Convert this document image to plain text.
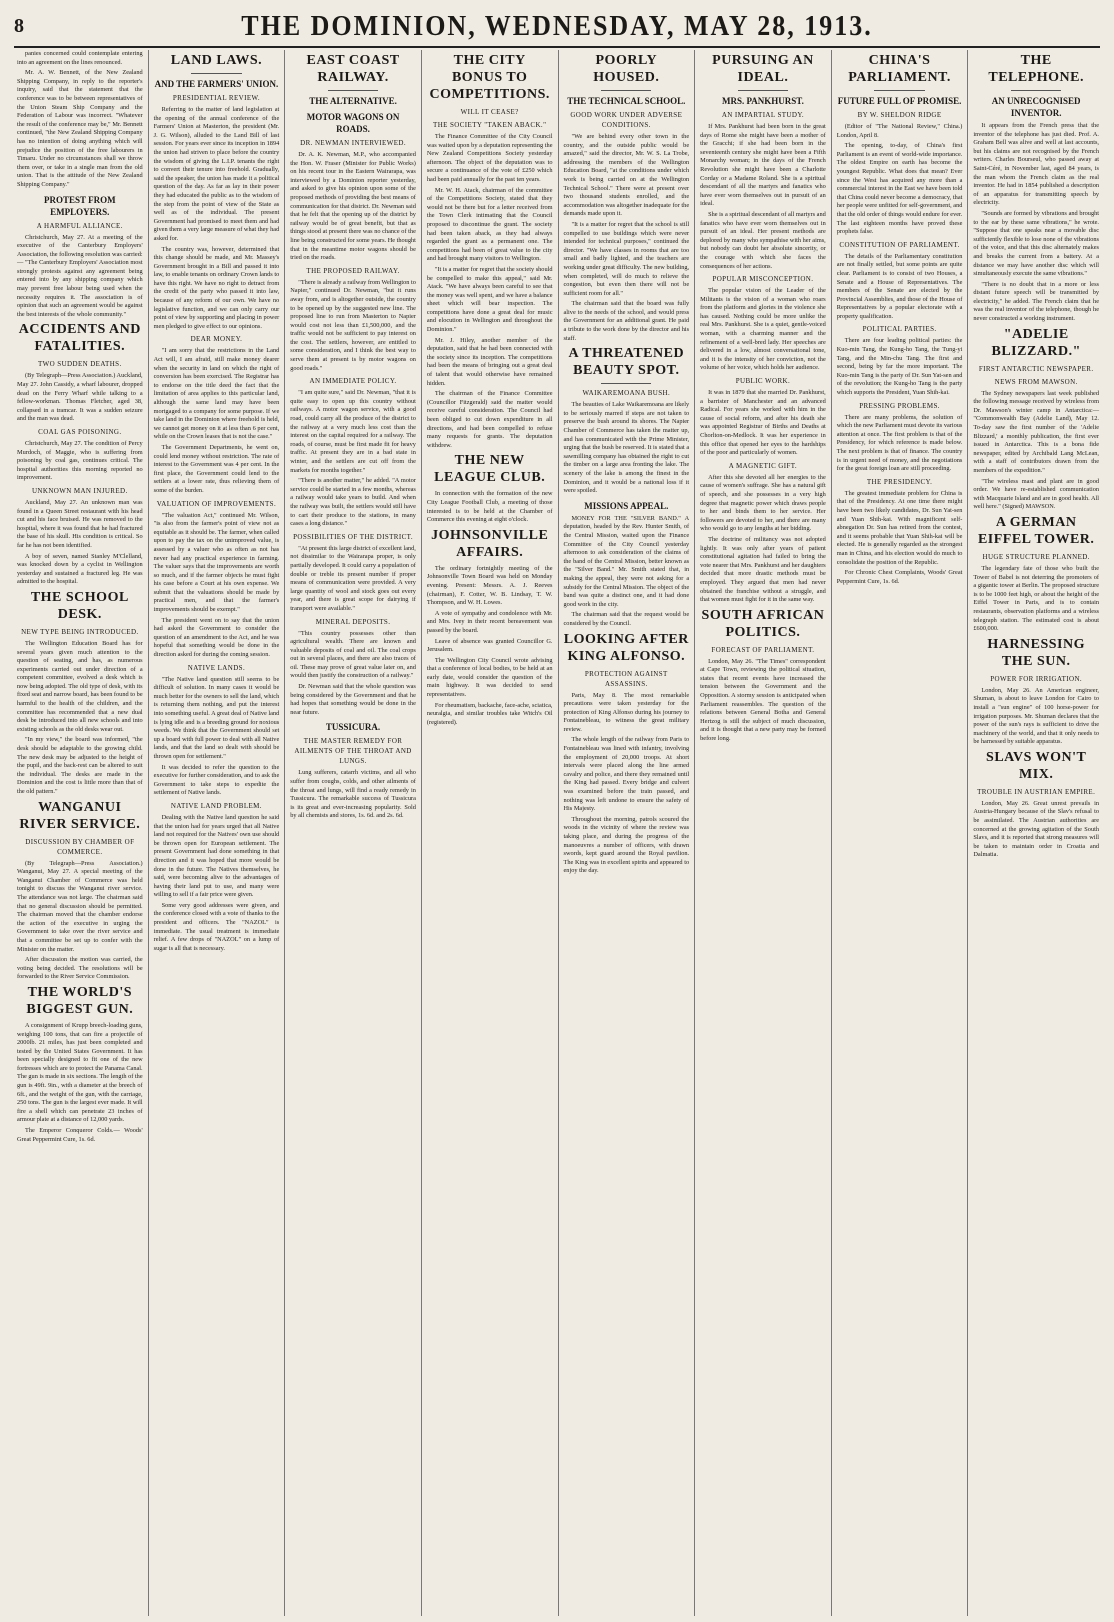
8	THE DOMINION, WEDNESDAY, MAY 28, 1913.

panies concerned could contemplate entering into an agreement on the lines renounced.

Mr. A. W. Bennett, of the New Zealand Shipping Company, in reply to the reporter's inquiry, said that the statement that the conference was to be between representatives of the Union Steam Ship Company and the Federation of Labour was incorrect. "Whatever the result of the conference may be," Mr. Bennett continued, "the New Zealand Shipping Company has no intention of doing anything which will prejudice the position of the free labourers in Timaru. Under no circumstances shall we throw them over, or take in a single man from the old union. That is the attitude of the New Zealand Shipping Company."

PROTEST FROM EMPLOYERS.
A HARMFUL ALLIANCE.

Christchurch, May 27. At a meeting of the executive of the Canterbury Employers' Association, the following resolution was carried:— "The Canterbury Employers' Association most strongly protests against any agreement being entered into by any shipping company which may prevent free labour being used when the necessity requires it. The association is of opinion that such an agreement would be against the best interests of the whole community."

ACCIDENTS AND FATALITIES.
TWO SUDDEN DEATHS.

(By Telegraph—Press Association.) Auckland, May 27. John Cassidy, a wharf labourer, dropped dead on the Ferry Wharf while talking to a fellow-workman. Thomas Fletcher, aged 38, collapsed in a tramcar. It was a sudden seizure and the man was dead.

COAL GAS POISONING.

Christchurch, May 27. The condition of Percy Murdoch, of Maggie, who is suffering from poisoning by coal gas, continues critical. The hospital authorities this morning reported no improvement.

UNKNOWN MAN INJURED.

Auckland, May 27. An unknown man was found in a Queen Street restaurant with his head cut and his face bruised. He was removed to the hospital, where it was found that he had fractured the base of his skull. His condition is critical. So far he has not been identified.

A boy of seven, named Stanley M'Clelland, was knocked down by a cyclist in Wellington yesterday and sustained a fractured leg. He was admitted to the hospital.

THE SCHOOL DESK.
NEW TYPE BEING INTRODUCED.

The Wellington Education Board has for several years given much attention to the question of seating, and has, as numerous experiments carried out under direction of a competent committee, evolved a desk which is now being adopted. The old type of desk, with its fixed seat and narrow board, has been found to be harmful to the health of the children, and the committee has recommended that a new dual desk be introduced into all new schools and into existing schools as the old desks wear out.

"In my view," the board was informed, "the desk should be adaptable to the growing child. The new desk may be adjusted to the height of the pupil, and the back-rest can be altered to suit the individual. The desks are made in the Dominion and the cost is little more than that of the old pattern."

WANGANUI RIVER SERVICE.
DISCUSSION BY CHAMBER OF COMMERCE.

(By Telegraph—Press Association.) Wanganui, May 27. A special meeting of the Wanganui Chamber of Commerce was held tonight to discuss the Wanganui river service. The attendance was not large. The chairman said that no general discussion should be permitted. The chairman moved that the chamber endorse the action of the executive in urging the Government to take over the river service and that a committee be set up to confer with the Minister on the matter.

After discussion the motion was carried, the voting being decided. The resolutions will be forwarded to the River Service Commission.

THE WORLD'S BIGGEST GUN.

A consignment of Krupp breech-loading guns, weighing 100 tons, that can fire a projectile of 2000lb. 21 miles, has just been completed and tested by the United States Government. It has been specially designed to fit one of the new fortresses which are to protect the Panama Canal. The gun is made in six sections. The length of the gun is 49ft. 9in., with a diameter at the breech of 6ft., and the weight of the gun, with the carriage, 250 tons. The gun is the largest ever made. It will fire a shell which can penetrate 23 inches of armour plate at a distance of 12,000 yards.

The Emperor Conqueror Colds.— Woods' Great Peppermint Cure, 1s. 6d.

LAND LAWS.
AND THE FARMERS' UNION.
PRESIDENTIAL REVIEW.

Referring to the matter of land legislation at the opening of the annual conference of the Farmers' Union at Masterton, the president (Mr. J. G. Wilson), alluded to the Land Bill of last session. For years ever since its inception in 1894 the union had striven to place before the country the wisdom of giving the L.I.P. tenants the right to convert their tenure into freehold. Gradually, said the speaker, the union has made it a political question of the day. As far as lay in their power they had educated the public as to the wisdom of the step from the point of view of the State as well as of the individual. The present Government had promised to meet them and had given them a very large measure of what they had asked for.

The country was, however, determined that this change should be made, and Mr. Massey's Government brought in a Bill and passed it into law, to enable tenants on ordinary Crown lands to have this right. We have no right to detract from the credit of the party who passed it into law, because of any reform of our own. We have no legislative function, and we can only carry our point of view by supporting and placing in power men pledged to give effect to our opinions.

DEAR MONEY.

"I am sorry that the restrictions in the Land Act will, I am afraid, still make money dearer when the security in land on which the right of conversion has been exercised. The Registrar has to endorse on the title deed the fact that the limitation of area applies to this particular land, although the same land may have been mortgaged to a company for some purpose. If we take land in the Dominion where freehold is held, we cannot get money on it at less than 6 per cent, while on the Crown leases that is not the case."

The Government Departments, he went on, could lend money without restriction. The rate of interest to the Government was 4 per cent. In the first place, the Government could lend to the settlers at a lower rate, thus relieving them of some of the burden.

VALUATION OF IMPROVEMENTS.

"The valuation Act," continued Mr. Wilson, "is also from the farmer's point of view not as equitable as it should be. The farmer, when called upon to pay the tax on the unimproved value, is assessed by a valuer who as often as not has never had any practical experience in farming. The valuer says that the improvements are worth so much, and if the farmer objects he must fight his case before a Court at his own expense. We submit that the valuations should be made by practical men, and that the farmer's improvements should be exempt."

The president went on to say that the union had asked the Government to consider the question of an amendment to the Act, and he was hopeful that something would be done in the direction asked for during the coming session.

NATIVE LANDS.

"The Native land question still seems to be difficult of solution. In many cases it would be much better for the owners to sell the land, which is returning them nothing, and put the interest into something useful. A great deal of Native land is lying idle and is a breeding ground for noxious weeds. We think that the Government should set up a board with full power to deal with all Native lands, and that the land so dealt with should be thrown open for settlement."

It was decided to refer the question to the executive for further consideration, and to ask the Government to take steps to expedite the settlement of Native lands.

NATIVE LAND PROBLEM.

Dealing with the Native land question he said that the union had for years urged that all Native land not required for the Natives' own use should be thrown open for European settlement. The present Government had done something in that direction and it was hoped that more would be done in the future. The Natives themselves, he said, were becoming alive to the advantages of having their land put to use, and many were willing to sell if a fair price were given.

Some very good addresses were given, and the conference closed with a vote of thanks to the president and officers. The "NAZOL" is immediate. The usual treatment is immediate relief. A few drops of "NAZOL" on a lump of sugar is all that is necessary.

EAST COAST RAILWAY.
THE ALTERNATIVE.
MOTOR WAGONS ON ROADS.
DR. NEWMAN INTERVIEWED.

Dr. A. K. Newman, M.P., who accompanied the Hon. W. Fraser (Minister for Public Works) on his recent tour in the Eastern Wairarapa, was interviewed by a Dominion reporter yesterday, and asked to give his opinion upon some of the proposed methods of providing the best means of communication for that district. Dr. Newman said that he felt that the opening up of the district by railway would be of great benefit, but that as things stood at present there was no chance of the line being constructed for some years. He thought that in the meantime motor wagons should be tried on the roads.

THE PROPOSED RAILWAY.

"There is already a railway from Wellington to Napier," continued Dr. Newman, "but it runs away from, and is altogether outside, the country to be opened up by the suggested new line. The proposed line to run from Masterton to Napier would cost not less than £1,500,000, and the traffic would not be sufficient to pay interest on the cost. The settlers, however, are entitled to some consideration, and I think the best way to serve them at present is by motor wagons on good roads."

AN IMMEDIATE POLICY.

"I am quite sure," said Dr. Newman, "that it is quite easy to open up this country without railways. A motor wagon service, with a good road, could carry all the produce of the district to the railway at a very much less cost than the interest on the capital required for a railway. The roads, of course, must be first made fit for heavy traffic. At present they are in a bad state in winter, and the settlers are cut off from the markets for months together."

"There is another matter," he added. "A motor service could be started in a few months, whereas a railway would take years to build. And when the railway was built, the settlers would still have to cart their produce to the stations, in many cases a long distance."

POSSIBILITIES OF THE DISTRICT.

"At present this large district of excellent land, not dissimilar to the Wairarapa proper, is only partially developed. It could carry a population of double or treble its present number if proper means of communication were provided. A very large quantity of wool and stock goes out every year, and there is great scope for dairying if transport were available."

MINERAL DEPOSITS.

"This country possesses other than agricultural wealth. There are known and valuable deposits of coal and oil. The coal crops out in several places, and there are also traces of oil. These may prove of great value later on, and would then justify the construction of a railway."

Dr. Newman said that the whole question was being considered by the Government and that he had hopes that something would be done in the near future.

TUSSICURA.
THE MASTER REMEDY FOR AILMENTS OF THE THROAT AND LUNGS.

Lung sufferers, catarrh victims, and all who suffer from coughs, colds, and other ailments of the throat and lungs, will find a ready remedy in Tussicura. The remarkable success of Tussicura is its great and ever-increasing popularity. Sold by all chemists and stores, 1s. 6d. and 2s. 6d.

THE CITY BONUS TO COMPETITIONS.
WILL IT CEASE?
THE SOCIETY "TAKEN ABACK."

The Finance Committee of the City Council was waited upon by a deputation representing the New Zealand Competitions Society yesterday afternoon. The object of the deputation was to secure a continuance of the vote of £250 which had been paid annually for the past ten years.

Mr. W. H. Atack, chairman of the committee of the Competitions Society, stated that they would not be there but for a letter received from the Town Clerk intimating that the Council proposed to discontinue the grant. The society had been taken aback, as they had always regarded the grant as a permanent one. The competitions had been of great value to the city and had brought many visitors to Wellington.

"It is a matter for regret that the society should be compelled to make this appeal," said Mr. Atack. "We have always been careful to see that the money was well spent, and we have a balance sheet which will bear inspection. The competitions have done a great deal for music and elocution in Wellington and throughout the Dominion."

Mr. J. Hiley, another member of the deputation, said that he had been connected with the society since its inception. The competitions had been the means of bringing out a great deal of talent that would otherwise have remained hidden.

The chairman of the Finance Committee (Councillor Fitzgerald) said the matter would receive careful consideration. The Council had been obliged to cut down expenditure in all directions, and had been compelled to refuse many requests for grants. The deputation withdrew.

THE NEW LEAGUE CLUB.

In connection with the formation of the new City League Football Club, a meeting of those interested is to be held at the Chamber of Commerce this evening at eight o'clock.

JOHNSONVILLE AFFAIRS.

The ordinary fortnightly meeting of the Johnsonville Town Board was held on Monday evening. Present: Messrs. A. J. Reeves (chairman), F. Cotter, W. B. Lindsay, T. W. Thompson, and W. H. Lowes.

A vote of sympathy and condolence with Mr. and Mrs. Ivey in their recent bereavement was passed by the board.

Leave of absence was granted Councillor G. Jerusalem.

The Wellington City Council wrote advising that a conference of local bodies, to be held at an early date, would consider the question of the main highway. It was decided to send representatives.

For rheumatism, backache, face-ache, sciatica, neuralgia, and similar troubles take Witch's Oil (registered).

POORLY HOUSED.
THE TECHNICAL SCHOOL.
GOOD WORK UNDER ADVERSE CONDITIONS.

"We are behind every other town in the country, and the outside public would be amazed," said the director, Mr. W. S. La Trobe, addressing the members of the Wellington Education Board, "at the conditions under which work is being carried on at the Wellington Technical School." There were at present over two thousand students enrolled, and the accommodation was altogether inadequate for the demands made upon it.

"It is a matter for regret that the school is still compelled to use buildings which were never intended for technical purposes," continued the director. "We have classes in rooms that are too small and badly lighted, and the teachers are working under great difficulty. The new building, when completed, will do much to relieve the congestion, but even then there will not be sufficient room for all."

The chairman said that the board was fully alive to the needs of the school, and would press the Government for an additional grant. He paid a tribute to the work done by the director and his staff.

A THREATENED BEAUTY SPOT.
WAIKAREMOANA BUSH.

The beauties of Lake Waikaremoana are likely to be seriously marred if steps are not taken to preserve the bush around its shores. The Napier Chamber of Commerce has taken the matter up, and has communicated with the Prime Minister, urging that the bush be reserved. It is stated that a sawmilling company has obtained the right to cut the timber on a large area fronting the lake. The scenery of the lake is among the finest in the Dominion, and it would be a national loss if it were spoiled.

MISSIONS APPEAL.

MONEY FOR THE "SILVER BAND." A deputation, headed by the Rev. Hunter Smith, of the Central Mission, waited upon the Finance Committee of the City Council yesterday afternoon to ask consideration of the claims of the band of the Central Mission, better known as the "Silver Band." Mr. Smith stated that, in making the appeal, they were not asking for a subsidy for the Central Mission. The object of the band was quite a distinct one, and it had done good work in the city.

The chairman said that the request would be considered by the Council.

LOOKING AFTER KING ALFONSO.
PROTECTION AGAINST ASSASSINS.

Paris, May 8. The most remarkable precautions were taken yesterday for the protection of King Alfonso during his journey to Fontainebleau, to witness the great military review.

The whole length of the railway from Paris to Fontainebleau was lined with infantry, involving the employment of 20,000 troops. At short intervals were placed along the line armed cavalry and police, and there they remained until the King had passed. Every bridge and culvert was examined before the train passed, and nothing was left undone to ensure the safety of His Majesty.

Throughout the morning, patrols scoured the woods in the vicinity of where the review was taking place, and during the progress of the manoeuvres a number of officers, with drawn swords, kept guard around the Royal pavilion. The King was in excellent spirits and appeared to enjoy the day.

PURSUING AN IDEAL.
MRS. PANKHURST.
AN IMPARTIAL STUDY.

If Mrs. Pankhurst had been born in the great days of Rome she might have been a mother of the Gracchi; if she had been born in the seventeenth century she might have been a Fifth Monarchy woman; in the days of the French Revolution she might have been a Charlotte Corday or a Madame Roland. She is a spiritual descendant of all the martyrs and fanatics who have ever worn themselves out in pursuit of an ideal.

She is a spiritual descendant of all martyrs and fanatics who have ever worn themselves out in pursuit of an ideal. Her present methods are deplored by many who sympathise with her aims, but nobody can doubt her absolute sincerity, or the courage with which she faces the consequences of her actions.

POPULAR MISCONCEPTION.

The popular vision of the Leader of the Militants is the vision of a woman who roars from the platform and glories in the violence she has caused. Nothing could be more unlike the real Mrs. Pankhurst. She is a quiet, gentle-voiced woman, with a charming manner and the refinement of a well-bred lady. Her speeches are delivered in a low, almost conversational tone, and it is the intensity of her conviction, not the volume of her voice, which holds her audience.

PUBLIC WORK.

It was in 1879 that she married Dr. Pankhurst, a barrister of Manchester and an advanced Radical. For years she worked with him in the cause of social reform, and after his death she was appointed Registrar of Births and Deaths at Chorlton-on-Medlock. It was her experience in this office that opened her eyes to the hardships of the poor and particularly of women.

A MAGNETIC GIFT.

After this she devoted all her energies to the cause of women's suffrage. She has a natural gift of speech, and she possesses in a very high degree that magnetic power which draws people to her and binds them to her service. Her followers are devoted to her, and there are many who would go to any lengths at her bidding.

The doctrine of militancy was not adopted lightly. It was only after years of patient constitutional agitation had failed to bring the vote nearer that Mrs. Pankhurst and her daughters decided that more drastic methods must be employed. They argued that men had never obtained the franchise without a struggle, and that women must fight for it in the same way.

SOUTH AFRICAN POLITICS.
FORECAST OF PARLIAMENT.

London, May 26. "The Times" correspondent at Cape Town, reviewing the political situation, states that recent events have increased the tension between the Government and the Opposition. A stormy session is anticipated when Parliament reassembles. The question of the relations between General Botha and General Hertzog is still the subject of much discussion, and it is thought that a new party may be formed before long.

CHINA'S PARLIAMENT.
FUTURE FULL OF PROMISE.
BY W. SHELDON RIDGE

(Editor of "The National Review," China.) London, April 8.

The opening, to-day, of China's first Parliament is an event of world-wide importance. The oldest Empire on earth has become the youngest Republic. What does that mean? Ever since the West has acquired any more than a commercial interest in the East we have been told that China could never become a democracy, that her people were unfitted for self-government, and that the old order of things would endure for ever. The last eighteen months have proved these prophets false.

CONSTITUTION OF PARLIAMENT.

The details of the Parliamentary constitution are not finally settled, but some points are quite clear. Parliament is to consist of two Houses, a Senate and a House of Representatives. The members of the Senate are elected by the Provincial Assemblies, and those of the House of Representatives by a popular electorate with a property qualification.

POLITICAL PARTIES.

There are four leading political parties: the Kuo-min Tang, the Kung-ho Tang, the Tung-yi Tang, and the Min-chu Tang. The first and second, being by far the more important. The Kuo-min Tang is the party of Dr. Sun Yat-sen and of the revolution; the Kung-ho Tang is the party which supports the President, Yuan Shih-kai.

PRESSING PROBLEMS.

There are many problems, the solution of which the new Parliament must devote its various attention at once. The first problem is that of the Presidency, for which reference is made below. The next problem is that of finance. The country is in urgent need of money, and the negotiations for the great foreign loan are still proceeding.

THE PRESIDENCY.

The greatest immediate problem for China is that of the Presidency. At one time there might have been two likely candidates, Dr. Sun Yat-sen and Yuan Shih-kai. With magnificent self-abnegation Dr. Sun has retired from the contest, and it seems probable that Yuan Shih-kai will be elected. He is generally regarded as the strongest man in China, and his election would do much to consolidate the position of the Republic.

For Chronic Chest Complaints, Woods' Great Peppermint Cure, 1s. 6d.

THE TELEPHONE.
AN UNRECOGNISED INVENTOR.

It appears from the French press that the inventor of the telephone has just died. Prof. A. Graham Bell was alive and well at last accounts, but his claims are not recognised by the French writers. Charles Bourseul, who passed away at Saint-Céré, in November last, aged 84 years, is the man whom the French claim as the real inventor. He had in 1854 published a description of an apparatus for transmitting speech by electricity.

"Sounds are formed by vibrations and brought to the ear by these same vibrations," he wrote. "Suppose that one speaks near a movable disc sufficiently flexible to lose none of the vibrations of the voice, and that this disc alternately makes and breaks the current from a battery. At a distance we may have another disc which will simultaneously execute the same vibrations."

"There is no doubt that in a more or less distant future speech will be transmitted by electricity," he added. The French claim that he was the real inventor of the telephone, though he never constructed a working instrument.

"ADELIE BLIZZARD."
FIRST ANTARCTIC NEWSPAPER.
NEWS FROM MAWSON.

The Sydney newspapers last week published the following message received by wireless from Dr. Mawson's winter camp in Antarctica:— "Commonwealth Bay (Adelie Land), May 12. To-day saw the first number of the 'Adelie Blizzard,' a monthly publication, the first ever issued in Antarctica. This is a bona fide newspaper, edited by Archibald Lang McLean, with a staff of contributors drawn from the members of the expedition."

"The wireless mast and plant are in good order. We have re-established communication with Macquarie Island and are in good health. All well here." (Signed) MAWSON.

A GERMAN EIFFEL TOWER.
HUGE STRUCTURE PLANNED.

The legendary fate of those who built the Tower of Babel is not deterring the promoters of a gigantic tower at Berlin. The proposed structure is to be 1000 feet high, or about the height of the Eiffel Tower in Paris, and is to contain restaurants, observation platforms and a wireless telegraph station. The estimated cost is about £600,000.

HARNESSING THE SUN.
POWER FOR IRRIGATION.

London, May 26. An American engineer, Shuman, is about to leave London for Cairo to install a "sun engine" of 100 horse-power for irrigation purposes. Mr. Shuman declares that the power of the sun's rays is sufficient to drive the machinery of the world, and that it only needs to be harnessed by suitable apparatus.

SLAVS WON'T MIX.
TROUBLE IN AUSTRIAN EMPIRE.

London, May 26. Great unrest prevails in Austria-Hungary because of the Slav's refusal to be assimilated. The Austrian authorities are concerned at the growing agitation of the South Slavs, and it is reported that strong measures will be taken to maintain order in Croatia and Dalmatia.
